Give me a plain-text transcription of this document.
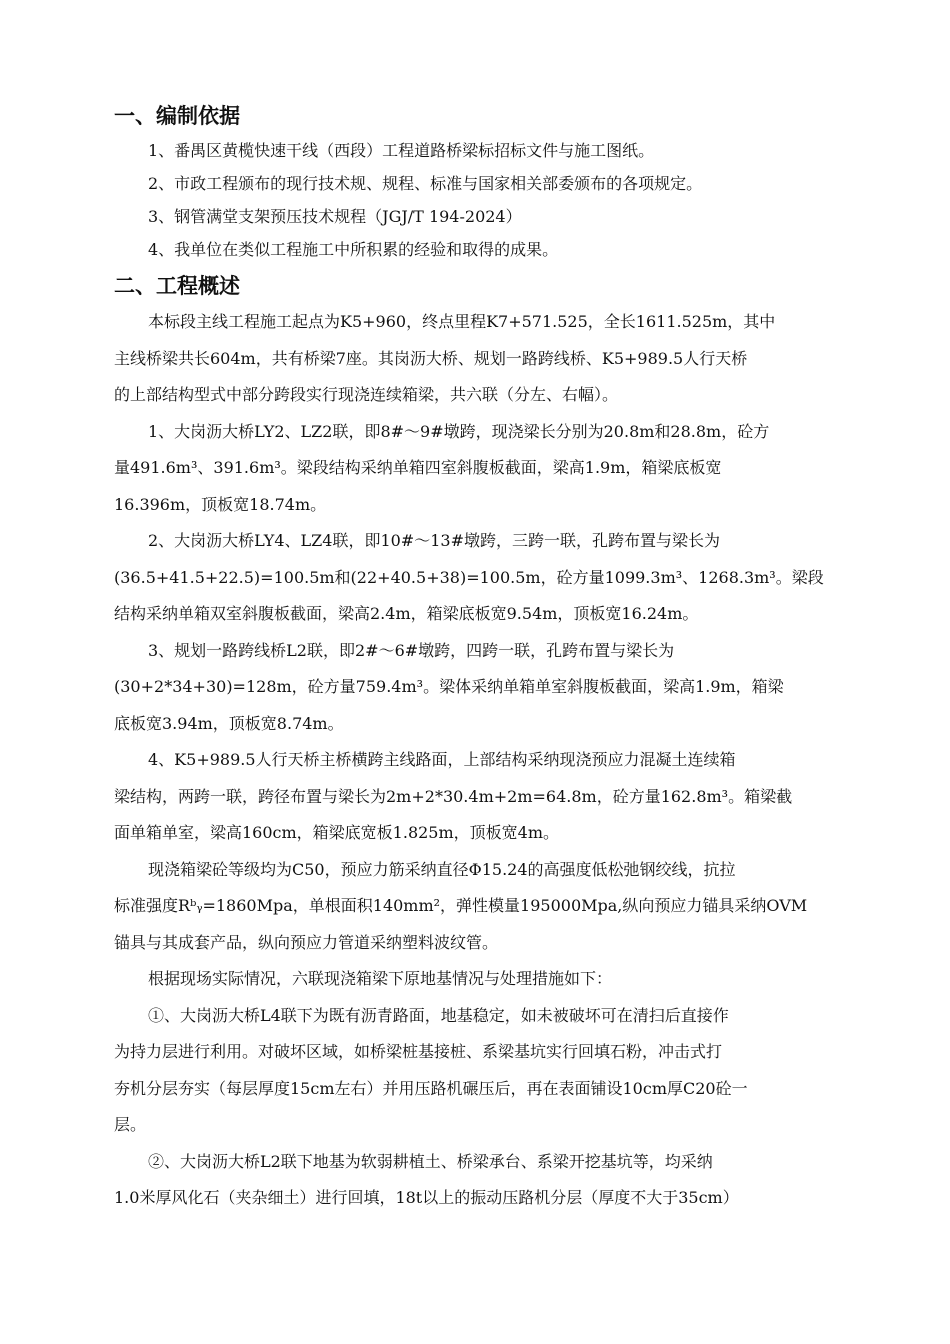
一、编制依据

1、番禺区黄榄快速干线（西段）工程道路桥梁标招标文件与施工图纸。

2、市政工程颁布的现行技术规、规程、标准与国家相关部委颁布的各项规定。

3、钢管满堂支架预压技术规程（JGJ/T 194-2024）

4、我单位在类似工程施工中所积累的经验和取得的成果。

二、工程概述
本标段主线工程施工起点为K5+960，终点里程K7+571.525，全长1611.525m，其中
主线桥梁共长604m，共有桥梁7座。其岗沥大桥、规划一路跨线桥、K5+989.5人行天桥
的上部结构型式中部分跨段实行现浇连续箱梁，共六联（分左、右幅）。
1、大岗沥大桥LY2、LZ2联，即8#～9#墩跨，现浇梁长分别为20.8m和28.8m，砼方
量491.6m³、391.6m³。梁段结构采纳单箱四室斜腹板截面，梁高1.9m，箱梁底板宽
16.396m，顶板宽18.74m。
2、大岗沥大桥LY4、LZ4联，即10#～13#墩跨，三跨一联，孔跨布置与梁长为
(36.5+41.5+22.5)=100.5m和(22+40.5+38)=100.5m，砼方量1099.3m³、1268.3m³。梁段
结构采纳单箱双室斜腹板截面，梁高2.4m，箱梁底板宽9.54m，顶板宽16.24m。
3、规划一路跨线桥L2联，即2#～6#墩跨，四跨一联，孔跨布置与梁长为
(30+2*34+30)=128m，砼方量759.4m³。梁体采纳单箱单室斜腹板截面，梁高1.9m，箱梁
底板宽3.94m，顶板宽8.74m。
4、K5+989.5人行天桥主桥横跨主线路面，上部结构采纳现浇预应力混凝土连续箱
梁结构，两跨一联，跨径布置与梁长为2m+2*30.4m+2m=64.8m，砼方量162.8m³。箱梁截
面单箱单室，梁高160cm，箱梁底宽板1.825m，顶板宽4m。
现浇箱梁砼等级均为C50，预应力筋采纳直径Φ15.24的高强度低松弛钢绞线，抗拉
标准强度Rᵇᵧ=1860Mpa，单根面积140mm²，弹性模量195000Mpa,纵向预应力锚具采纳OVM
锚具与其成套产品，纵向预应力管道采纳塑料波纹管。
根据现场实际情况，六联现浇箱梁下原地基情况与处理措施如下：
①、大岗沥大桥L4联下为既有沥青路面，地基稳定，如未被破坏可在清扫后直接作
为持力层进行利用。对破坏区域，如桥梁桩基接桩、系梁基坑实行回填石粉，冲击式打
夯机分层夯实（每层厚度15cm左右）并用压路机碾压后，再在表面铺设10cm厚C20砼一
层。
②、大岗沥大桥L2联下地基为软弱耕植土、桥梁承台、系梁开挖基坑等，均采纳
1.0米厚风化石（夹杂细土）进行回填，18t以上的振动压路机分层（厚度不大于35cm）
